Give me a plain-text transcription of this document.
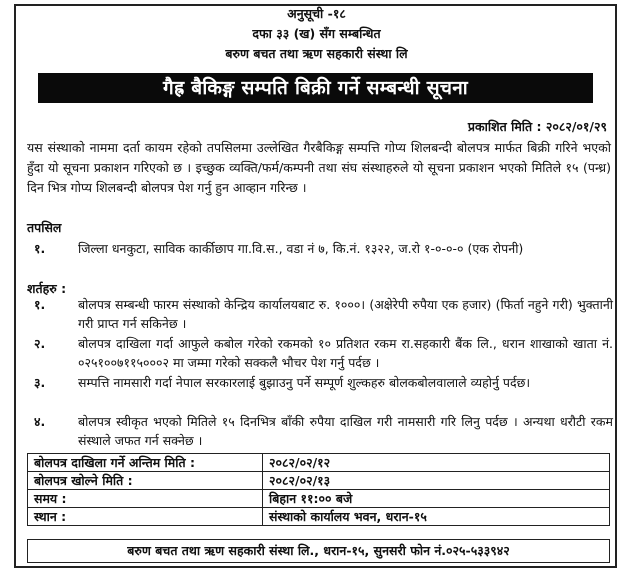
अनुसूची -१८
दफा ३३ (ख) सँग सम्बन्धित
बरुण बचत तथा ऋण सहकारी संस्था लि
गैह्र बैकिङ्ग सम्पति बिक्री गर्ने सम्बन्धी सूचना
प्रकाशित मिति : २०८२/०१/२९
यस संस्थाको नाममा दर्ता कायम रहेको तपसिलमा उल्लेखित गैरबैकिङ्ग सम्पत्ति गोप्य शिलबन्दी बोलपत्र मार्फत बिक्री गरिने भएको हुँदा यो सूचना प्रकाशन गरिएको छ । इच्छुक व्यक्ति/फर्म/कम्पनी तथा संघ संस्थाहरुले यो सूचना प्रकाशन भएको मितिले १५ (पन्ध्र) दिन भित्र गोप्य शिलबन्दी बोलपत्र पेश गर्नु हुन आव्हान गरिन्छ ।
तपसिल
१.	जिल्ला धनकुटा, साविक कार्कीछाप गा.वि.स., वडा नं ७, कि.नं. १३२२, ज.रो १-०-०-० (एक रोपनी)
शर्तहरु :
१.	बोलपत्र सम्बन्धी फारम संस्थाको केन्द्रिय कार्यालयबाट रु. १०००। (अक्षेरेपी रुपैया एक हजार) (फिर्ता नहुने गरी) भुक्तानी गरी प्राप्त गर्न सकिनेछ ।
२.	बोलपत्र दाखिला गर्दा आफुले कबोल गरेको रकमको १० प्रतिशत रकम रा.सहकारी बैंक लि., धरान शाखाको खाता नं. ०२५१००७११५०००२ मा जम्मा गरेको सक्कलै भौचर पेश गर्नु पर्दछ ।
३.	सम्पत्ति नामसारी गर्दा नेपाल सरकारलाई बुझाउनु पर्ने सम्पूर्ण शुल्कहरु बोलकबोलवालाले व्यहोर्नु पर्दछ।
४.	बोलपत्र स्वीकृत भएको मितिले १५ दिनभित्र बाँकी रुपैया दाखिल गरी नामसारी गरि लिनु पर्दछ । अन्यथा धरौटी रकम संस्थाले जफत गर्न सक्नेछ ।
बोलपत्र दाखिला गर्ने अन्तिम मिति :	२०८२/०२/१२
बोलपत्र खोल्ने मिति :	२०८२/०२/१३
समय :	बिहान ११:०० बजे
स्थान :	संस्थाको कार्यालय भवन, धरान-१५
बरुण बचत तथा ऋण सहकारी संस्था लि., धरान-१५, सुनसरी फोन नं.०२५-५३३९४२
